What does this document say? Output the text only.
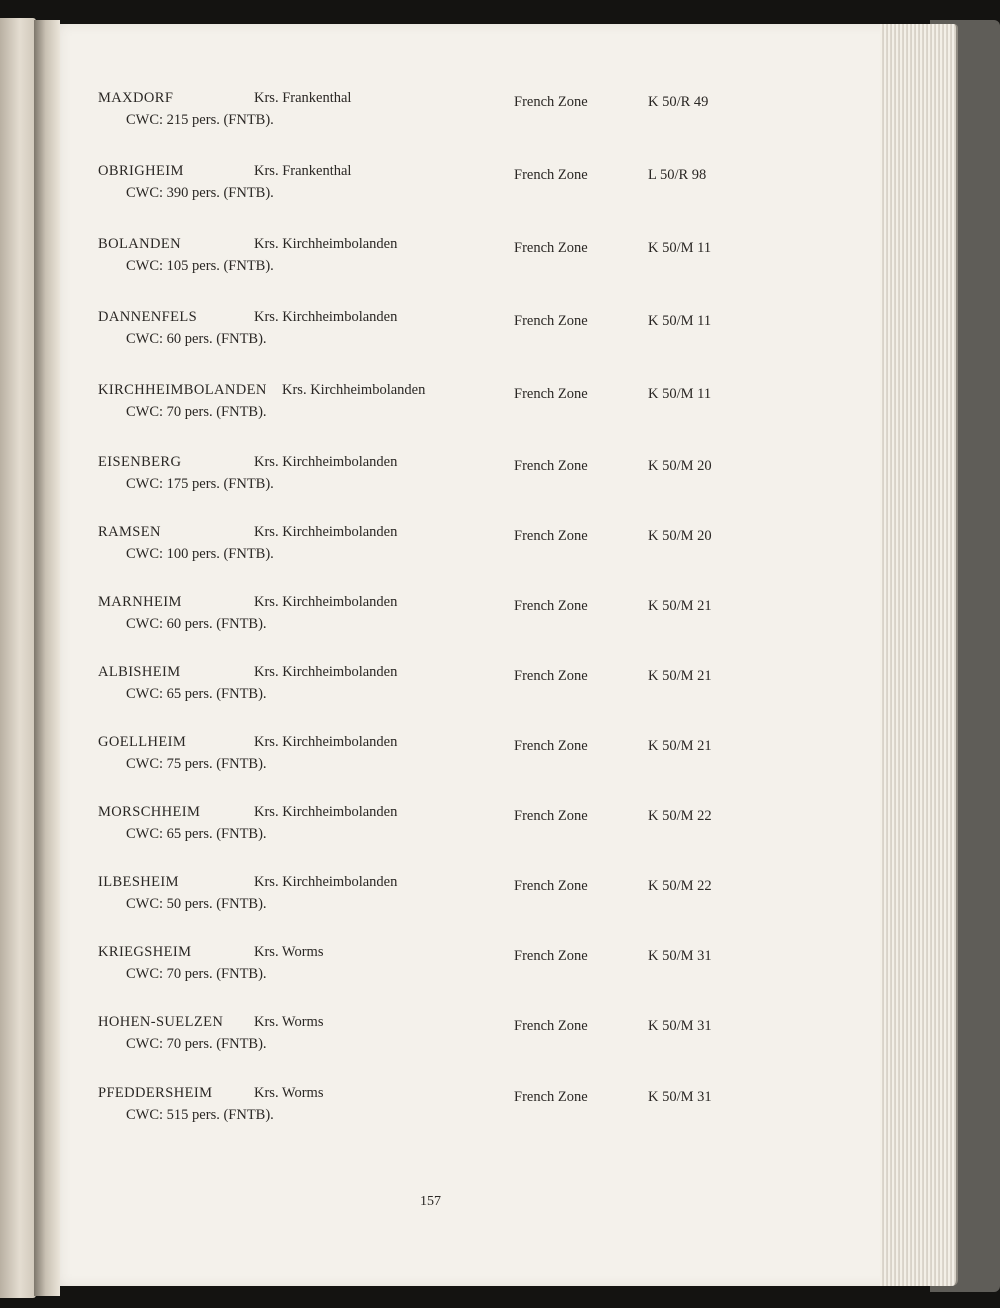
MAXDORF	Krs. Frankenthal	French Zone	K 50/R 49
CWC: 215 pers. (FNTB).
OBRIGHEIM	Krs. Frankenthal	French Zone	L 50/R 98
CWC: 390 pers. (FNTB).
BOLANDEN	Krs. Kirchheimbolanden	French Zone	K 50/M 11
CWC: 105 pers. (FNTB).
DANNENFELS	Krs. Kirchheimbolanden	French Zone	K 50/M 11
CWC: 60 pers. (FNTB).
KIRCHHEIMBOLANDEN Krs. Kirchheimbolanden	French Zone	K 50/M 11
CWC: 70 pers. (FNTB).
EISENBERG	Krs. Kirchheimbolanden	French Zone	K 50/M 20
CWC: 175 pers. (FNTB).
RAMSEN	Krs. Kirchheimbolanden	French Zone	K 50/M 20
CWC: 100 pers. (FNTB).
MARNHEIM	Krs. Kirchheimbolanden	French Zone	K 50/M 21
CWC: 60 pers. (FNTB).
ALBISHEIM	Krs. Kirchheimbolanden	French Zone	K 50/M 21
CWC: 65 pers. (FNTB).
GOELLHEIM	Krs. Kirchheimbolanden	French Zone	K 50/M 21
CWC: 75 pers. (FNTB).
MORSCHHEIM	Krs. Kirchheimbolanden	French Zone	K 50/M 22
CWC: 65 pers. (FNTB).
ILBESHEIM	Krs. Kirchheimbolanden	French Zone	K 50/M 22
CWC: 50 pers. (FNTB).
KRIEGSHEIM	Krs. Worms	French Zone	K 50/M 31
CWC: 70 pers. (FNTB).
HOHEN-SUELZEN Krs. Worms	French Zone	K 50/M 31
CWC: 70 pers. (FNTB).
PFEDDERSHEIM	Krs. Worms	French Zone	K 50/M 31
CWC: 515 pers. (FNTB).
157
